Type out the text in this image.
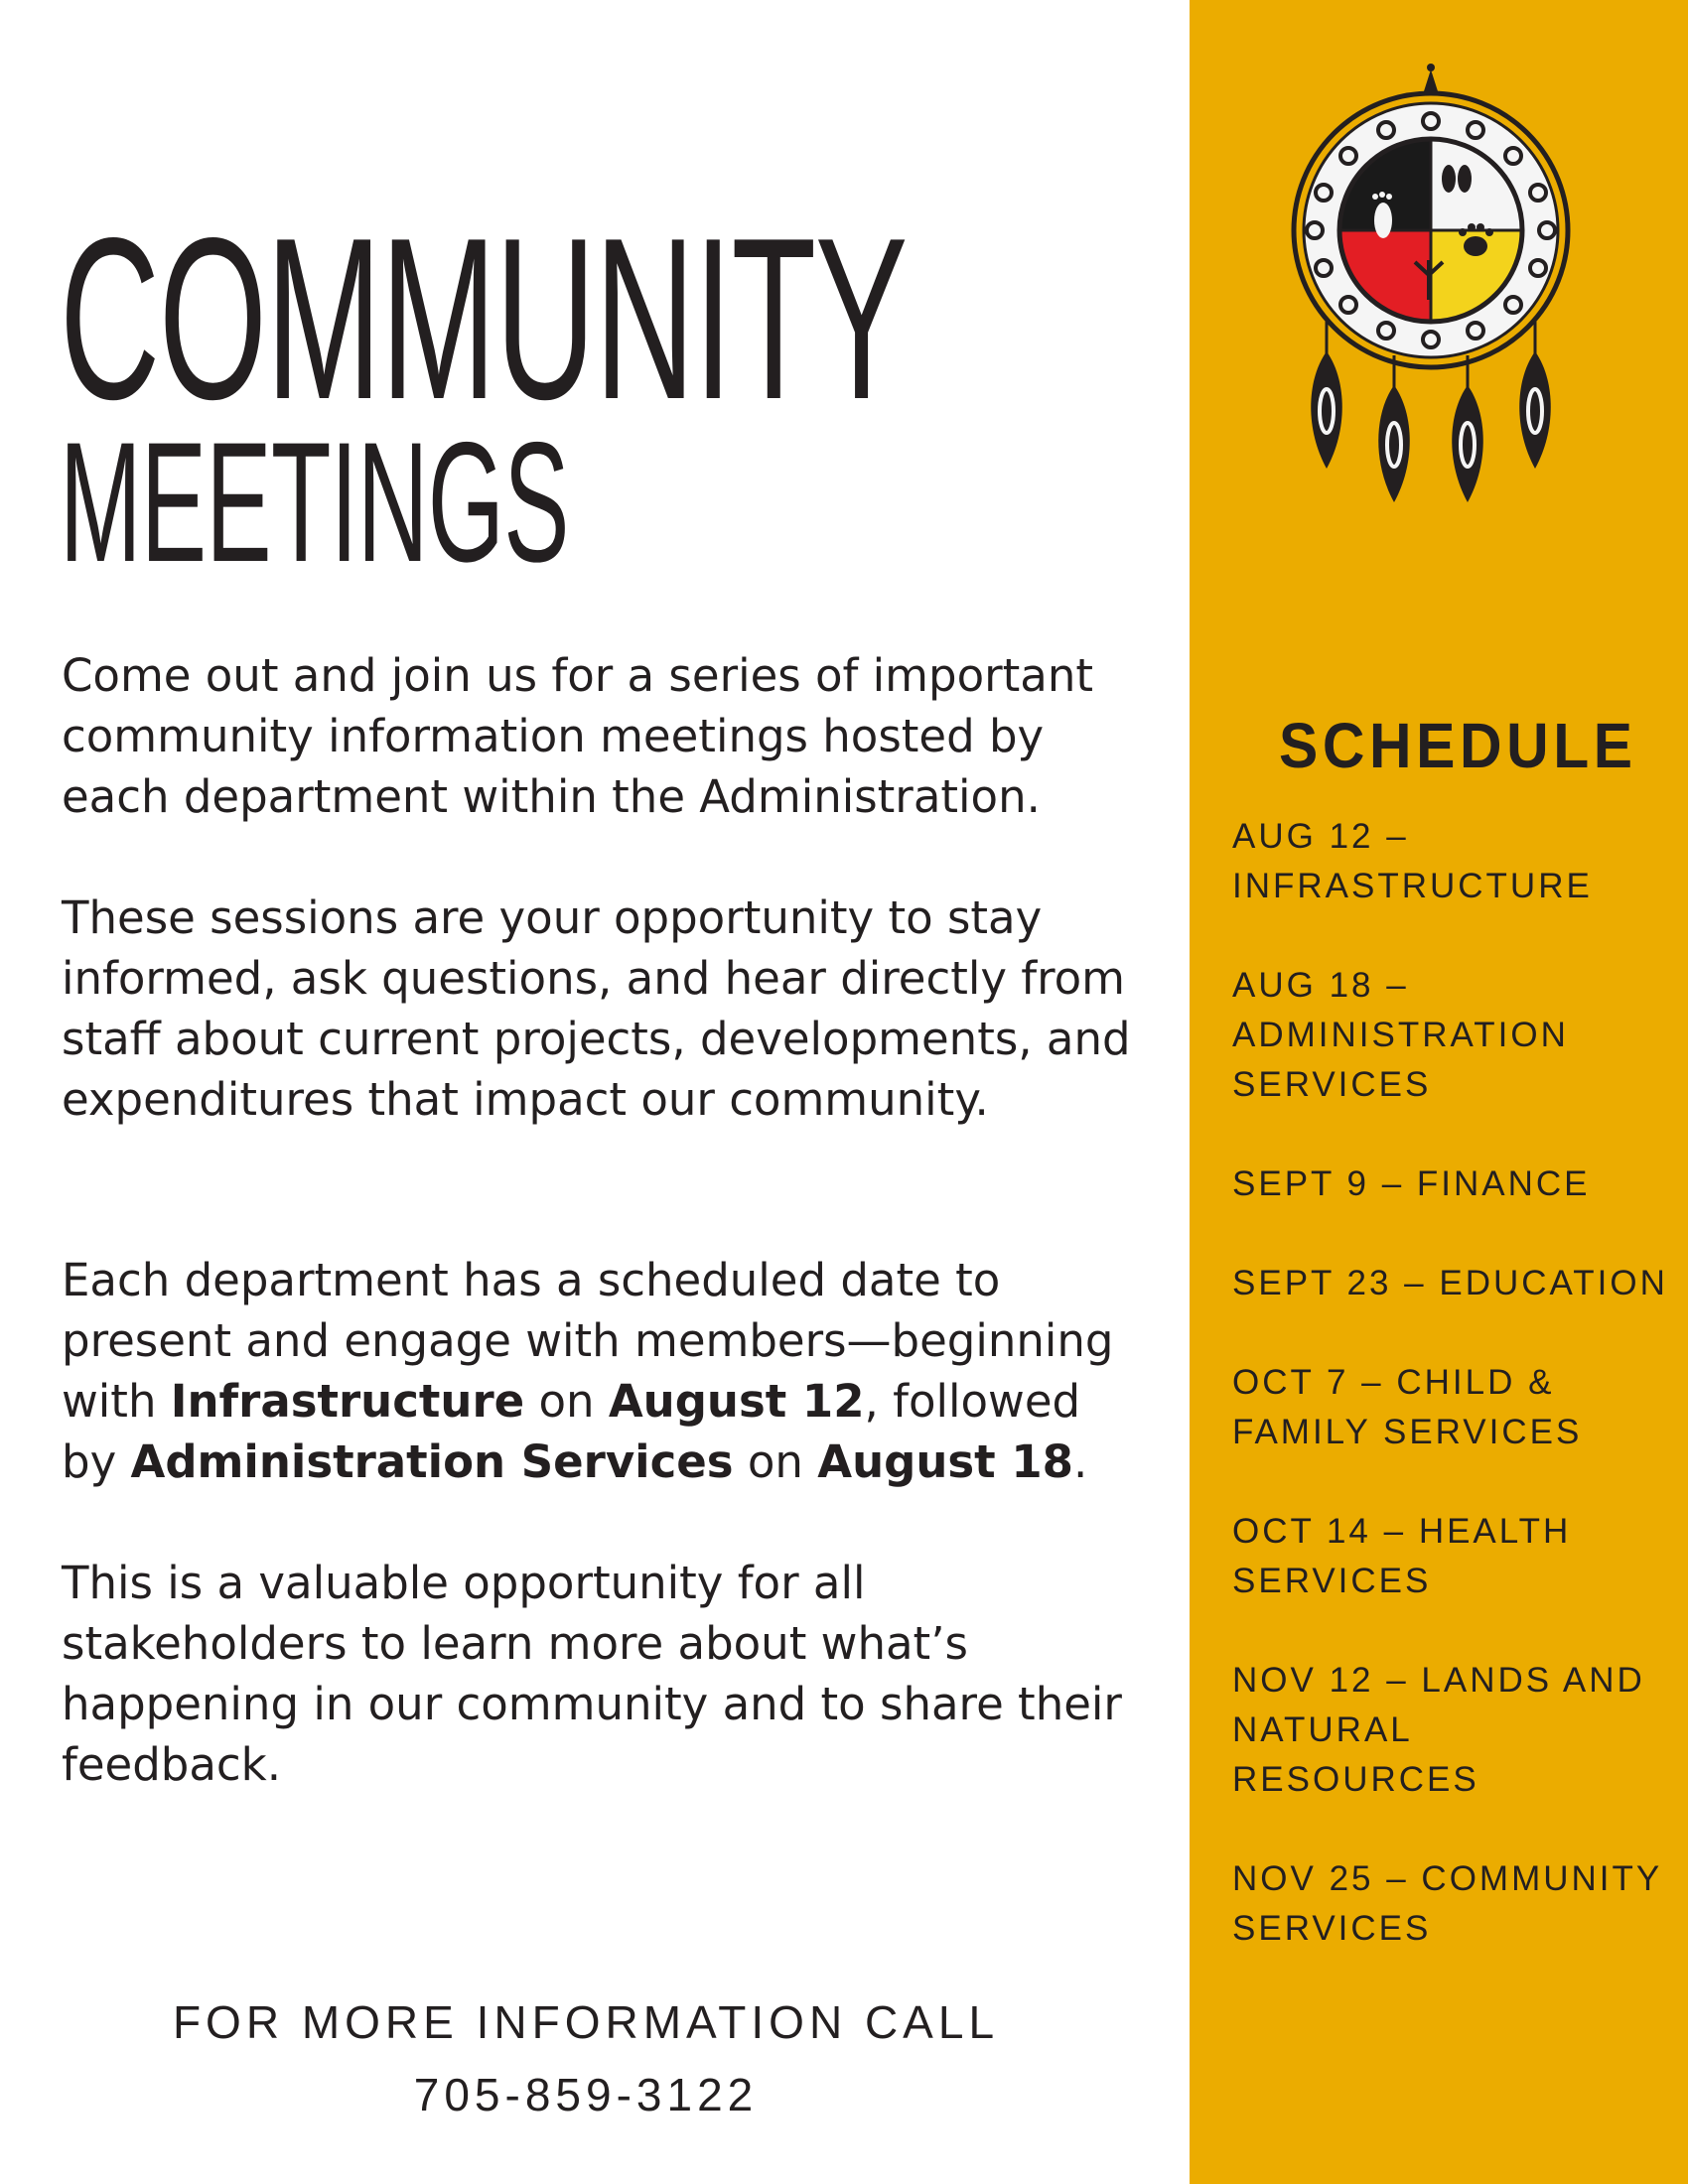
COMMUNITY
MEETINGS

Come out and join us for a series of important community information meetings hosted by each department within the Administration.

These sessions are your opportunity to stay informed, ask questions, and hear directly from staff about current projects, developments, and expenditures that impact our community.

Each department has a scheduled date to present and engage with members—beginning with Infrastructure on August 12, followed by Administration Services on August 18.

This is a valuable opportunity for all stakeholders to learn more about what’s happening in our community and to share their feedback.

FOR MORE INFORMATION CALL
705-859-3122
SCHEDULE
AUG 12 – INFRASTRUCTURE
AUG 18 – ADMINISTRATION SERVICES
SEPT 9 – FINANCE
SEPT 23 – EDUCATION
OCT 7 – CHILD & FAMILY SERVICES
OCT 14 – HEALTH SERVICES
NOV 12 – LANDS AND NATURAL RESOURCES
NOV 25 – COMMUNITY SERVICES
